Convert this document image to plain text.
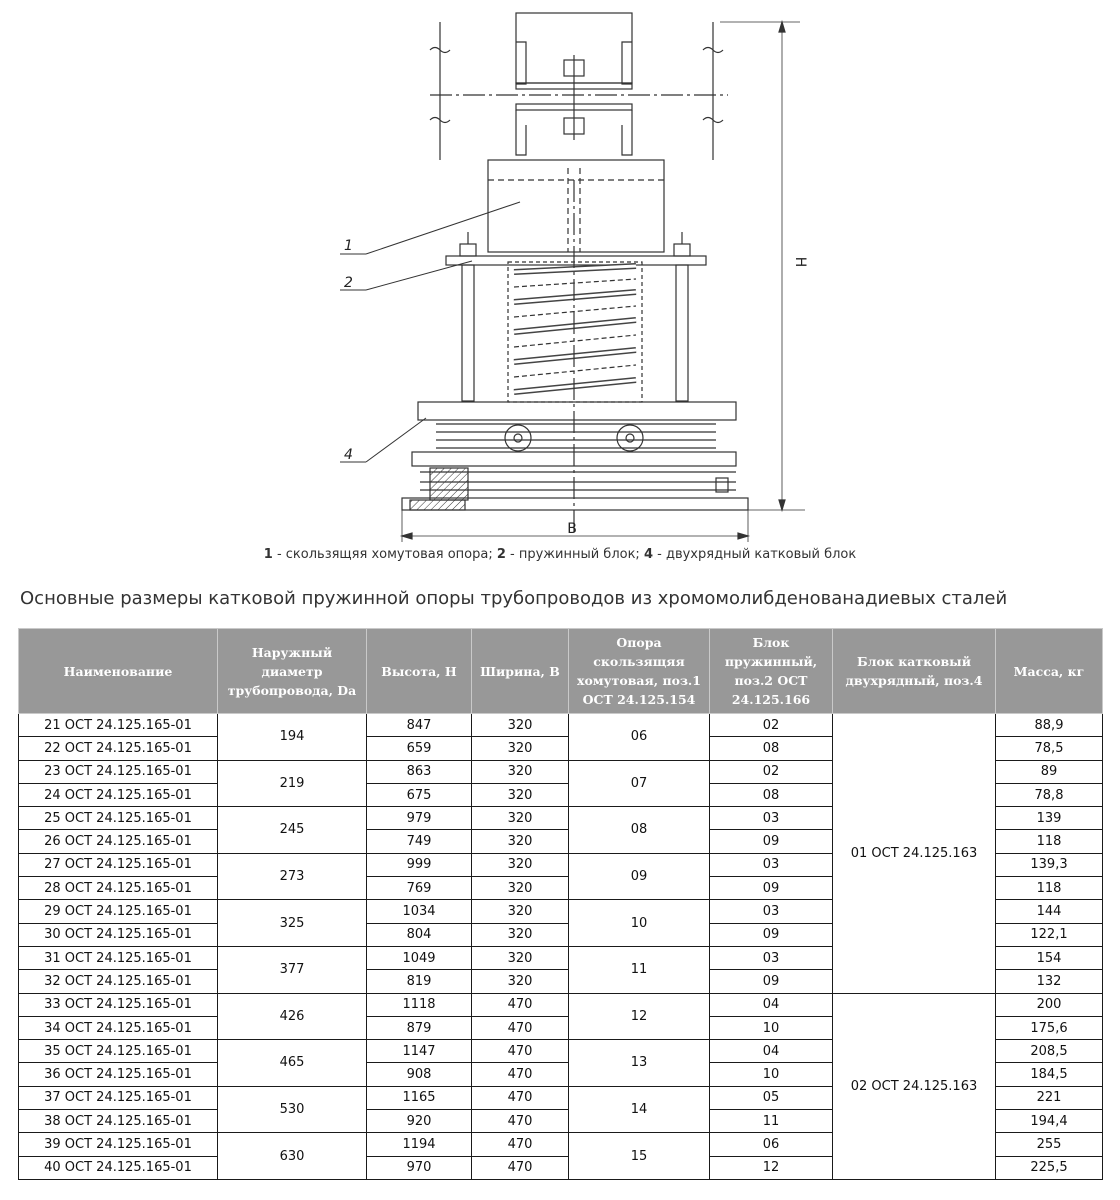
1
2
4
H
B
1 - скользящяя хомутовая опора; 2 - пружинный блок; 4 - двухрядный катковый блок
Основные размеры катковой пружинной опоры трубопроводов из хромомолибденованадиевых сталей
Наименование	Наружный диаметр трубопровода, Da	Высота, H	Ширина, B	Опора скользящяя хомутовая, поз.1 ОСТ 24.125.154	Блок пружинный, поз.2 ОСТ 24.125.166	Блок катковый двухрядный, поз.4	Масса, кг
21 ОСТ 24.125.165-01	194	847	320	06	02	01 ОСТ 24.125.163	88,9
22 ОСТ 24.125.165-01		659	320		08		78,5
23 ОСТ 24.125.165-01	219	863	320	07	02		89
24 ОСТ 24.125.165-01		675	320		08		78,8
25 ОСТ 24.125.165-01	245	979	320	08	03		139
26 ОСТ 24.125.165-01		749	320		09		118
27 ОСТ 24.125.165-01	273	999	320	09	03		139,3
28 ОСТ 24.125.165-01		769	320		09		118
29 ОСТ 24.125.165-01	325	1034	320	10	03		144
30 ОСТ 24.125.165-01		804	320		09		122,1
31 ОСТ 24.125.165-01	377	1049	320	11	03		154
32 ОСТ 24.125.165-01		819	320		09		132
33 ОСТ 24.125.165-01	426	1118	470	12	04	02 ОСТ 24.125.163	200
34 ОСТ 24.125.165-01		879	470		10		175,6
35 ОСТ 24.125.165-01	465	1147	470	13	04		208,5
36 ОСТ 24.125.165-01		908	470		10		184,5
37 ОСТ 24.125.165-01	530	1165	470	14	05		221
38 ОСТ 24.125.165-01		920	470		11		194,4
39 ОСТ 24.125.165-01	630	1194	470	15	06		255
40 ОСТ 24.125.165-01		970	470		12		225,5
